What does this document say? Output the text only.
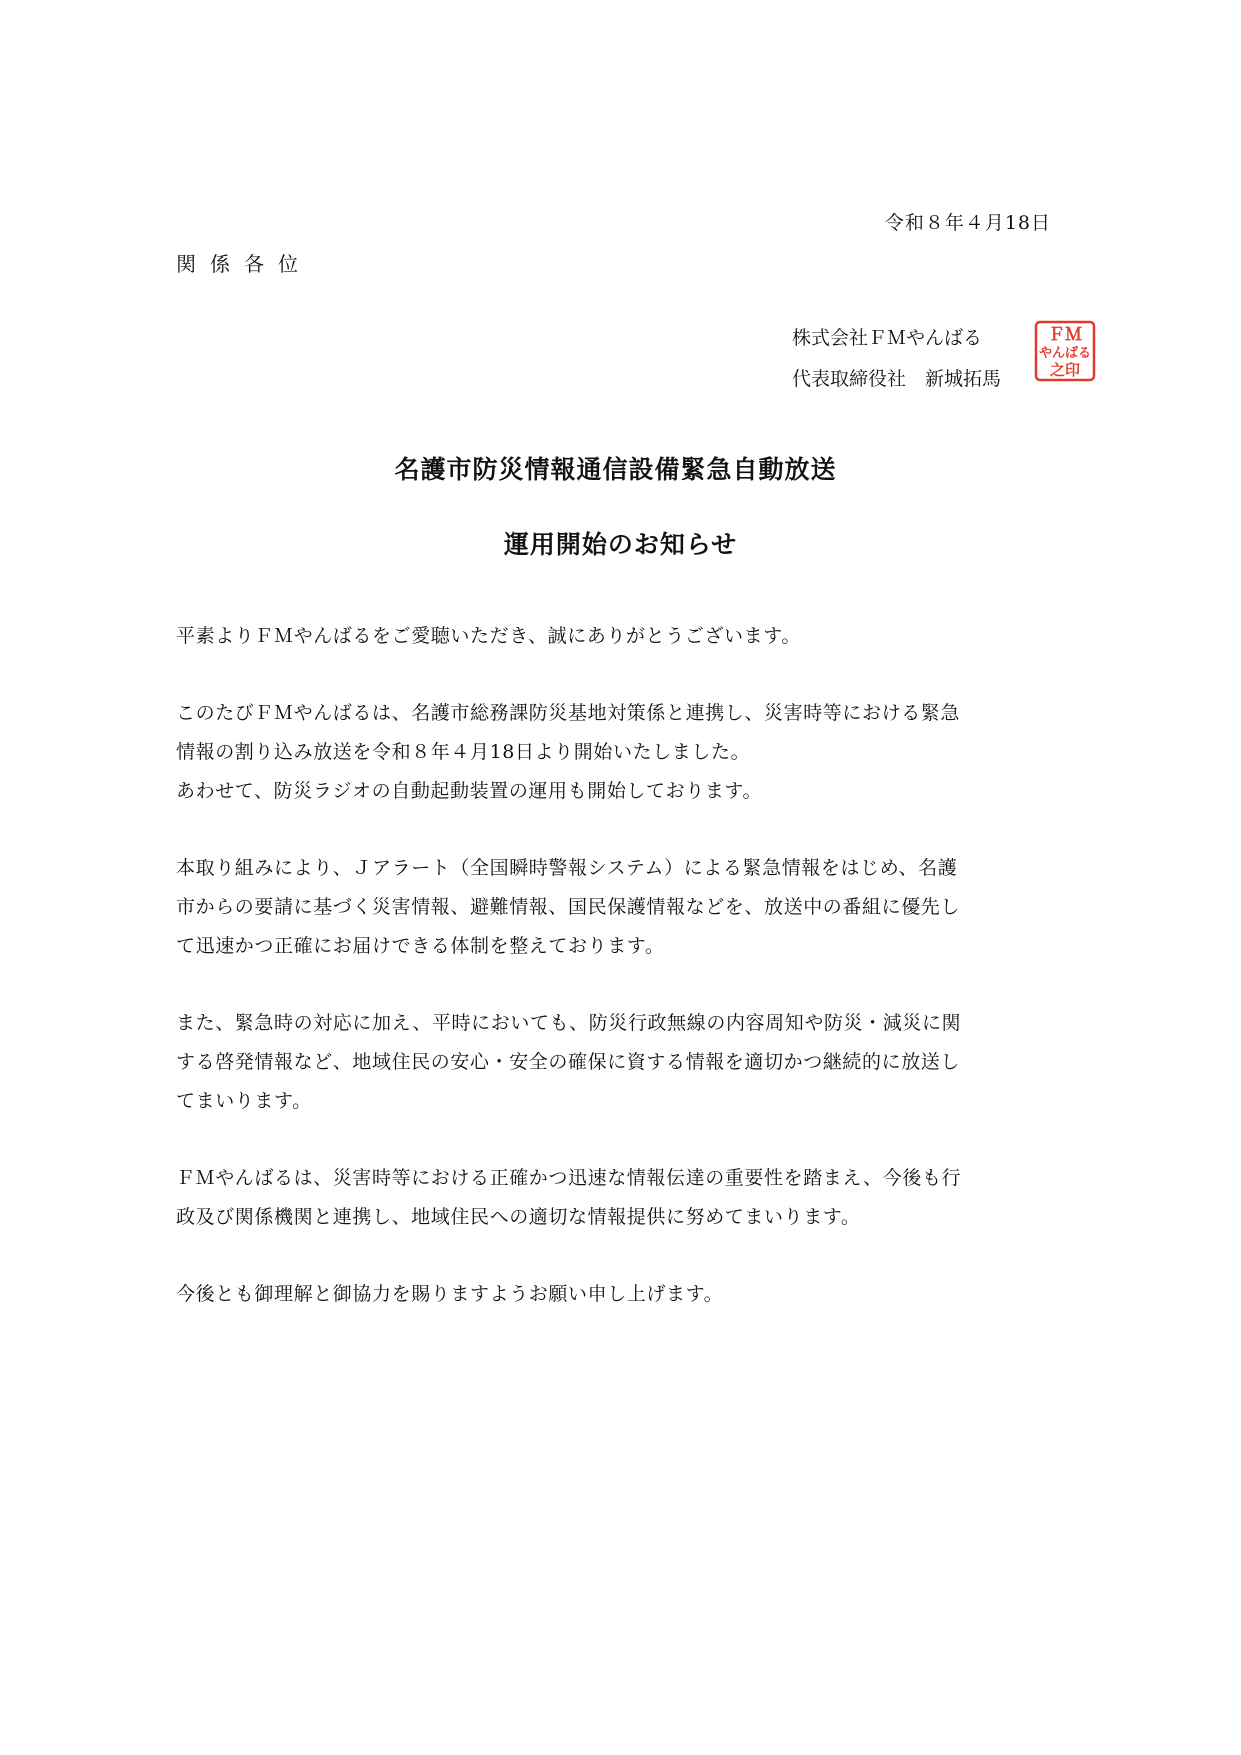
令和８年４月18日
関係各位
株式会社ＦＭやんばる
代表取締役社　新城拓馬
ＦＭ
やんばる
之印
名護市防災情報通信設備緊急自動放送
運用開始のお知らせ
平素よりＦＭやんばるをご愛聴いただき、誠にありがとうございます。
このたびＦＭやんばるは、名護市総務課防災基地対策係と連携し、災害時等における緊急
情報の割り込み放送を令和８年４月18日より開始いたしました。
あわせて、防災ラジオの自動起動装置の運用も開始しております。
本取り組みにより、Ｊアラート（全国瞬時警報システム）による緊急情報をはじめ、名護
市からの要請に基づく災害情報、避難情報、国民保護情報などを、放送中の番組に優先し
て迅速かつ正確にお届けできる体制を整えております。
また、緊急時の対応に加え、平時においても、防災行政無線の内容周知や防災・減災に関
する啓発情報など、地域住民の安心・安全の確保に資する情報を適切かつ継続的に放送し
てまいります。
ＦＭやんばるは、災害時等における正確かつ迅速な情報伝達の重要性を踏まえ、今後も行
政及び関係機関と連携し、地域住民への適切な情報提供に努めてまいります。
今後とも御理解と御協力を賜りますようお願い申し上げます。
